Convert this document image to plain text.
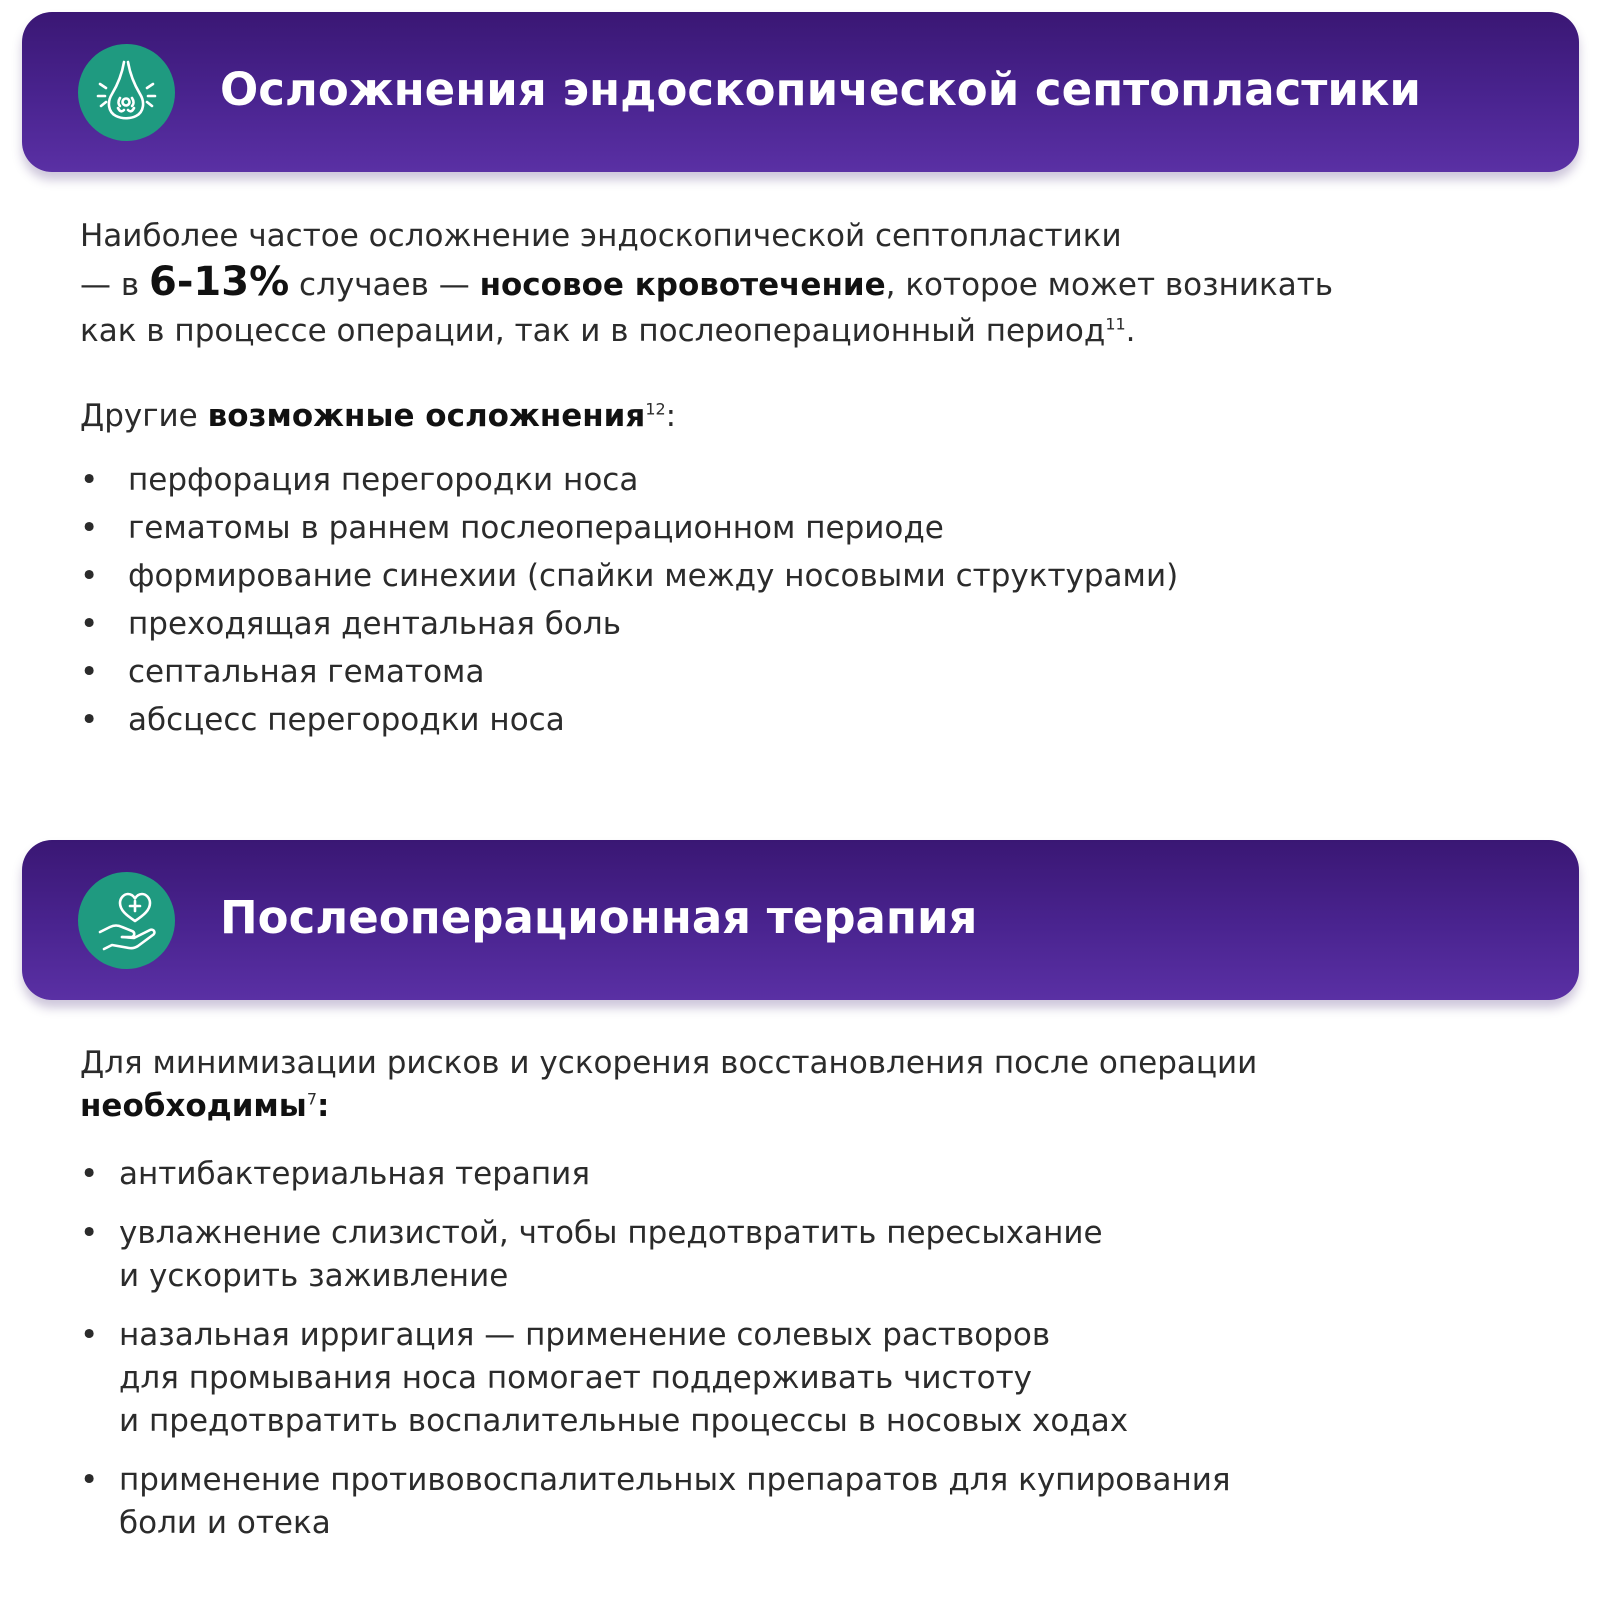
Осложнения эндоскопической септопластики

Наиболее частое осложнение эндоскопической септопластики
— в 6-13% случаев — носовое кровотечение, которое может возникать
как в процессе операции, так и в послеоперационный период$^{11}$.

Другие возможные осложнения$^{12}$:

• перфорация перегородки носа
• гематомы в раннем послеоперационном периоде
• формирование синехии (спайки между носовыми структурами)
• преходящая дентальная боль
• септальная гематома
• абсцесс перегородки носа
Послеоперационная терапия

Для минимизации рисков и ускорения восстановления после операции
необходимы$^7$:

• антибактериальная терапия
• увлажнение слизистой, чтобы предотвратить пересыхание
и ускорить заживление
• назальная ирригация — применение солевых растворов
для промывания носа помогает поддерживать чистоту
и предотвратить воспалительные процессы в носовых ходах
• применение противовоспалительных препаратов для купирования
боли и отека
